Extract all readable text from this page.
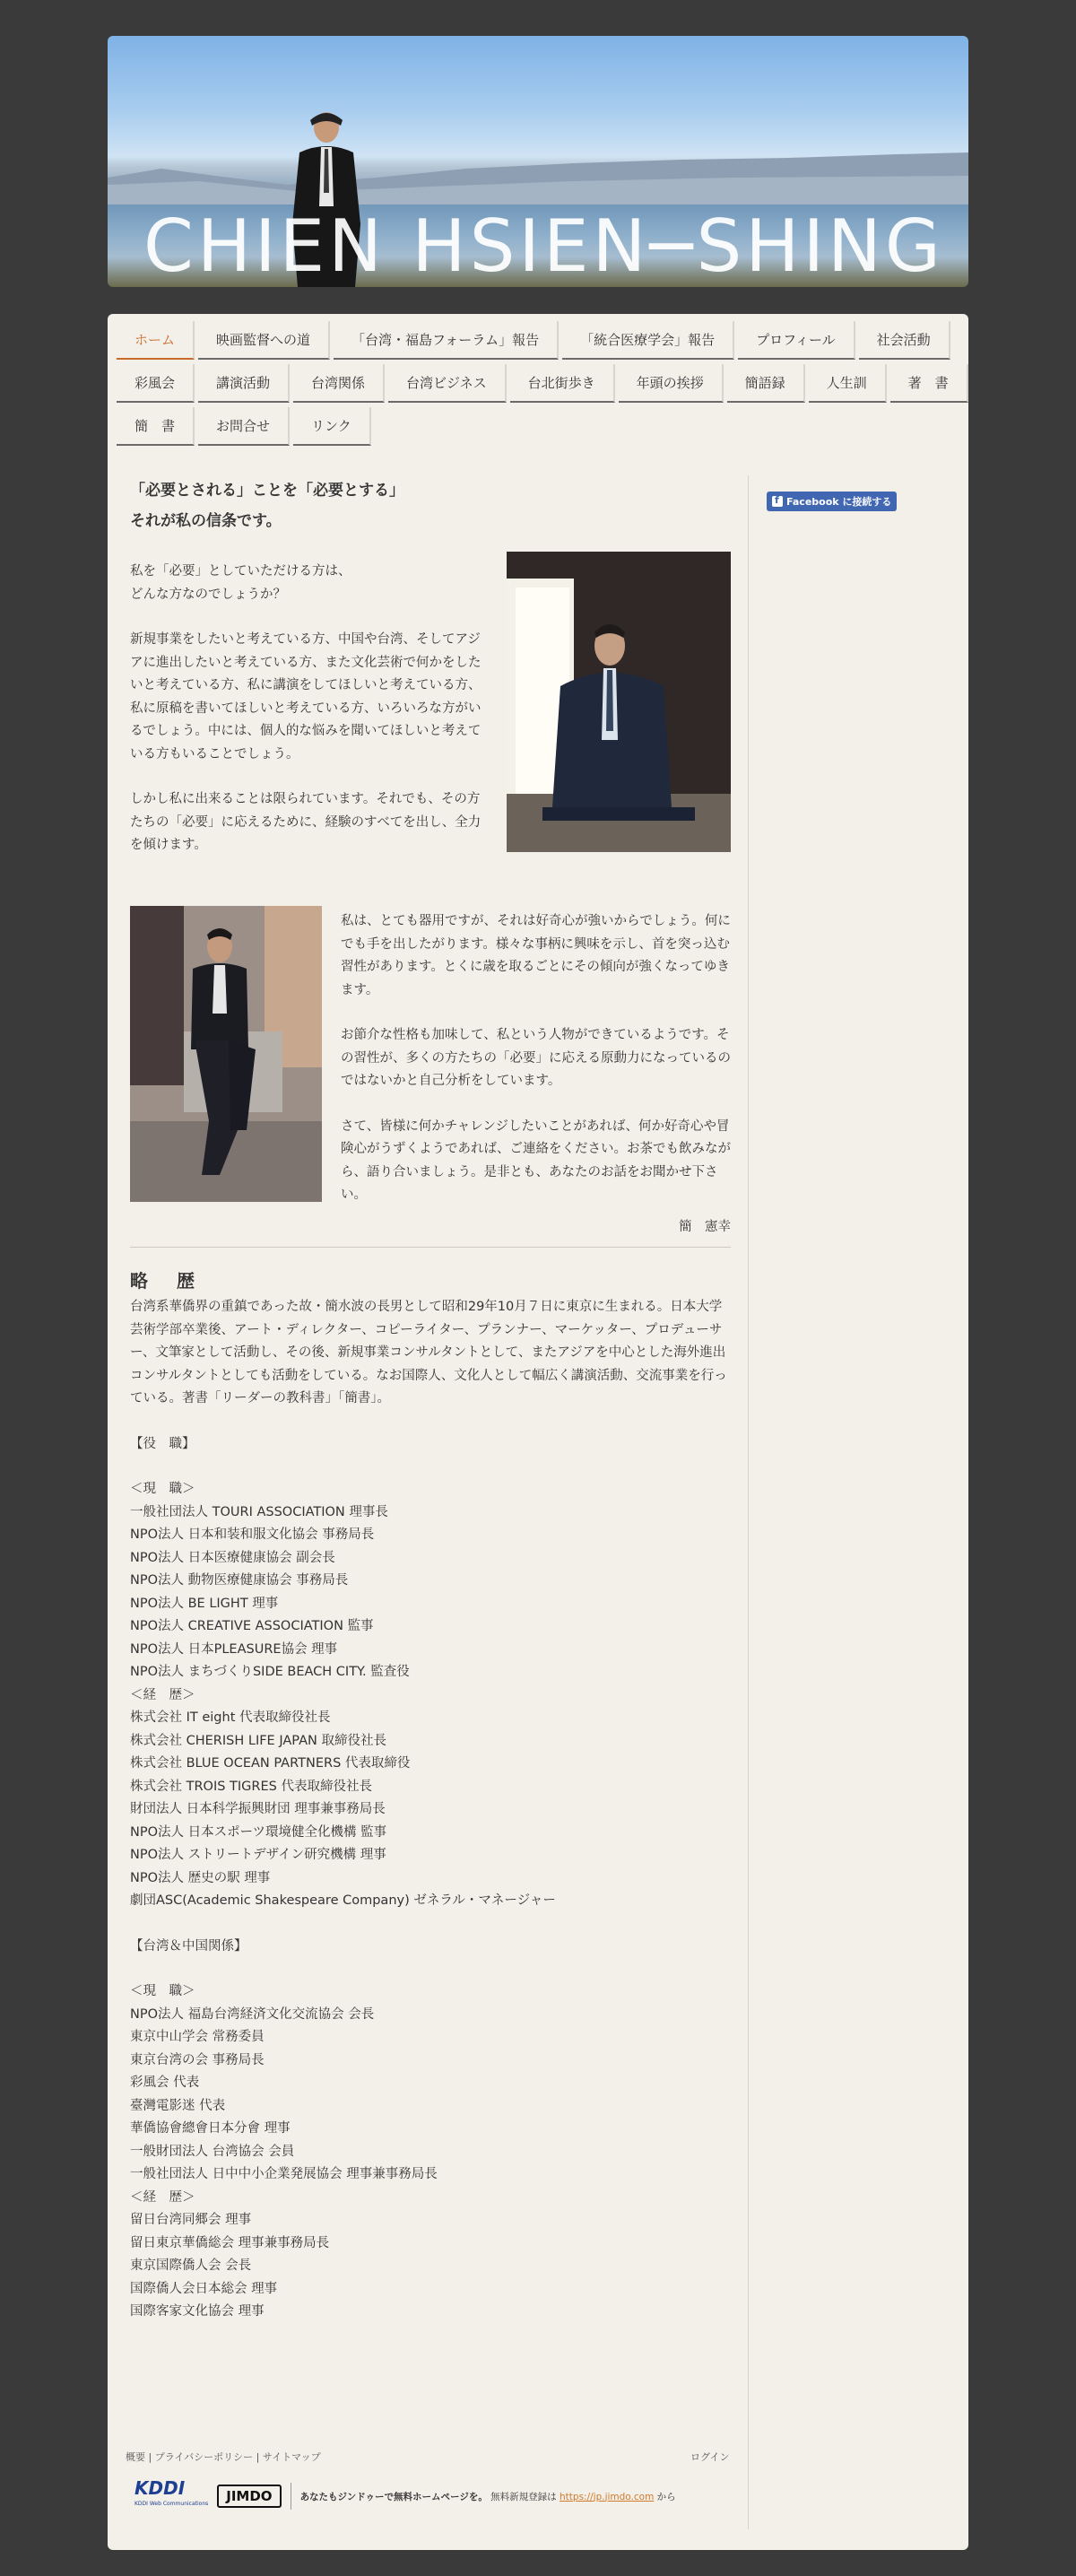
CHIEN HSIEN─SHING
ホーム	映画監督への道	「台湾・福島フォーラム」報告	「統合医療学会」報告	プロフィール	社会活動
彩風会	講演活動	台湾関係	台湾ビジネス	台北街歩き	年頭の挨拶	簡語録	人生訓	著　書
簡　書	お問合せ	リンク
「必要とされる」ことを「必要とする」
それが私の信条です。

私を「必要」としていただける方は、
どんな方なのでしょうか？

新規事業をしたいと考えている方、中国や台湾、そしてアジアに進出したいと考えている方、また文化芸術で何かをしたいと考えている方、私に講演をしてほしいと考えている方、私に原稿を書いてほしいと考えている方、いろいろな方がいるでしょう。中には、個人的な悩みを聞いてほしいと考えている方もいることでしょう。

しかし私に出来ることは限られています。それでも、その方たちの「必要」に応えるために、経験のすべてを出し、全力を傾けます。

私は、とても器用ですが、それは好奇心が強いからでしょう。何にでも手を出したがります。様々な事柄に興味を示し、首を突っ込む習性があります。とくに歳を取るごとにその傾向が強くなってゆきます。

お節介な性格も加味して、私という人物ができているようです。その習性が、多くの方たちの「必要」に応える原動力になっているのではないかと自己分析をしています。

さて、皆様に何かチャレンジしたいことがあれば、何か好奇心や冒険心がうずくようであれば、ご連絡をください。お茶でも飲みながら、語り合いましょう。是非とも、あなたのお話をお聞かせ下さい。

簡　憲幸

略　歴

台湾系華僑界の重鎮であった故・簡水波の長男として昭和29年10月７日に東京に生まれる。日本大学芸術学部卒業後、アート・ディレクター、コピーライター、プランナー、マーケッター、プロデューサー、文筆家として活動し、その後、新規事業コンサルタントとして、またアジアを中心とした海外進出コンサルタントとしても活動をしている。なお国際人、文化人として幅広く講演活動、交流事業を行っている。著書「リーダーの教科書」「簡書」。

【役　職】

＜現　職＞
一般社団法人 TOURI ASSOCIATION 理事長
NPO法人 日本和装和服文化協会 事務局長
NPO法人 日本医療健康協会 副会長
NPO法人 動物医療健康協会 事務局長
NPO法人 BE LIGHT 理事
NPO法人 CREATIVE ASSOCIATION 監事
NPO法人 日本PLEASURE協会 理事
NPO法人 まちづくりSIDE BEACH CITY. 監査役
＜経　歴＞
株式会社 IT eight 代表取締役社長
株式会社 CHERISH LIFE JAPAN 取締役社長
株式会社 BLUE OCEAN PARTNERS 代表取締役
株式会社 TROIS TIGRES 代表取締役社長
財団法人 日本科学振興財団 理事兼事務局長
NPO法人 日本スポーツ環境健全化機構 監事
NPO法人 ストリートデザイン研究機構 理事
NPO法人 歴史の駅 理事
劇団ASC(Academic Shakespeare Company) ゼネラル・マネージャー

【台湾＆中国関係】

＜現　職＞
NPO法人 福島台湾経済文化交流協会 会長
東京中山学会 常務委員
東京台湾の会 事務局長
彩風会 代表
臺灣電影迷 代表
華僑協會總會日本分會 理事
一般財団法人 台湾協会 会員
一般社団法人 日中中小企業発展協会 理事兼事務局長
＜経　歴＞
留日台湾同郷会 理事
留日東京華僑総会 理事兼事務局長
東京国際僑人会 会長
国際僑人会日本総会 理事
国際客家文化協会 理事
f
Facebook に接続する
概要 | プライバシーポリシー | サイトマップ	ログイン
KDDI
KDDI Web Communications	JIMDO	あなたもジンドゥーで無料ホームページを。 無料新規登録は https://jp.jimdo.com から
